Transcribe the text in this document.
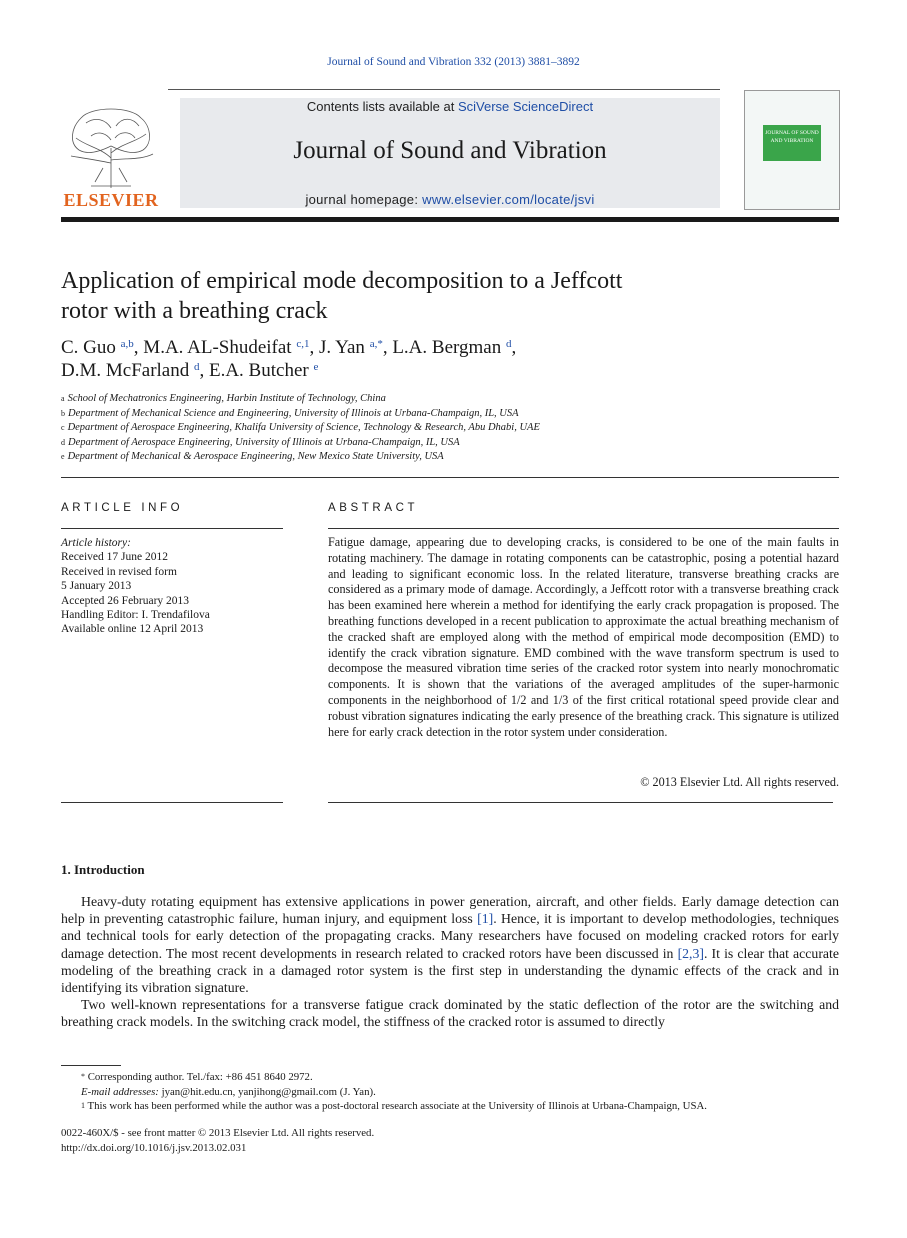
Journal of Sound and Vibration 332 (2013) 3881–3892
ELSEVIER
Contents lists available at SciVerse ScienceDirect
Journal of Sound and Vibration
journal homepage: www.elsevier.com/locate/jsvi
JOURNAL OF SOUND AND VIBRATION
Application of empirical mode decomposition to a Jeffcott
rotor with a breathing crack
C. Guo $^{a,b}$, M.A. AL-Shudeifat $^{c,1}$, J. Yan $^{a,*}$, L.A. Bergman $^d$,
D.M. McFarland $^d$, E.A. Butcher $^e$
$^a$ School of Mechatronics Engineering, Harbin Institute of Technology, China
$^b$ Department of Mechanical Science and Engineering, University of Illinois at Urbana-Champaign, IL, USA
$^c$ Department of Aerospace Engineering, Khalifa University of Science, Technology & Research, Abu Dhabi, UAE
$^d$ Department of Aerospace Engineering, University of Illinois at Urbana-Champaign, IL, USA
$^e$ Department of Mechanical & Aerospace Engineering, New Mexico State University, USA
ARTICLE INFO
Article history:
Received 17 June 2012
Received in revised form
5 January 2013
Accepted 26 February 2013
Handling Editor: I. Trendafilova
Available online 12 April 2013
ABSTRACT
Fatigue damage, appearing due to developing cracks, is considered to be one of the main faults in rotating machinery. The damage in rotating components can be catastrophic, posing a potential hazard and leading to significant economic loss. In the related literature, transverse breathing cracks are considered as a primary mode of damage. Accordingly, a Jeffcott rotor with a transverse breathing crack has been examined here wherein a method for identifying the early crack propagation is proposed. The breathing functions developed in a recent publication to approximate the actual breathing mechanism of the cracked shaft are employed along with the method of empirical mode decomposition (EMD) to identify the crack vibration signature. EMD combined with the wave transform spectrum is used to decompose the measured vibration time series of the cracked rotor system into nearly monochromatic components. It is shown that the variations of the averaged amplitudes of the super-harmonic components in the neighborhood of 1/2 and 1/3 of the first critical rotational speed provide clear and robust vibration signatures indicating the early presence of the breathing crack. This signature is utilized here for early crack detection in the rotor system under consideration.
© 2013 Elsevier Ltd. All rights reserved.
1. Introduction

Heavy-duty rotating equipment has extensive applications in power generation, aircraft, and other fields. Early damage detection can help in preventing catastrophic failure, human injury, and equipment loss [1]. Hence, it is important to develop methodologies, techniques and technical tools for early detection of the propagating cracks. Many researchers have focused on modeling cracked rotors for early damage detection. The most recent developments in research related to cracked rotors have been discussed in [2,3]. It is clear that accurate modeling of the breathing crack in a damaged rotor system is the first step in understanding the dynamic effects of the crack and in identifying its vibration signature.

Two well-known representations for a transverse fatigue crack dominated by the static deflection of the rotor are the switching and breathing crack models. In the switching crack model, the stiffness of the cracked rotor is assumed to directly

* Corresponding author. Tel./fax: +86 451 8640 2972.
E-mail addresses: jyan@hit.edu.cn, yanjihong@gmail.com (J. Yan).
$^1$ This work has been performed while the author was a post-doctoral research associate at the University of Illinois at Urbana-Champaign, USA.
0022-460X/$ - see front matter © 2013 Elsevier Ltd. All rights reserved.
http://dx.doi.org/10.1016/j.jsv.2013.02.031
